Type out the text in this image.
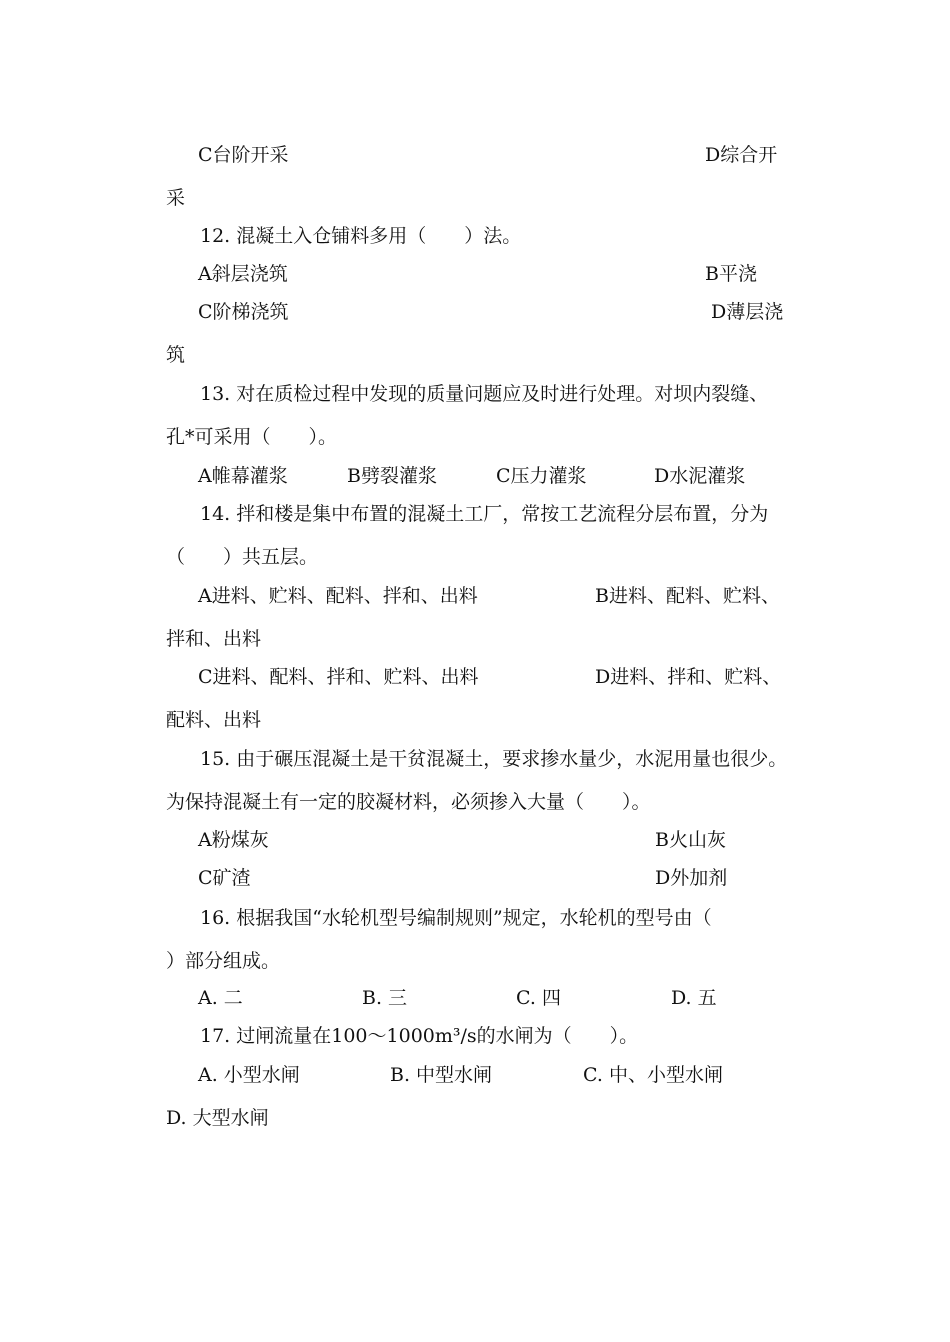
C台阶开采	D综合开
采
12. 混凝土入仓铺料多用（　　）法。
A斜层浇筑	B平浇
C阶梯浇筑	D薄层浇
筑
13. 对在质检过程中发现的质量问题应及时进行处理。对坝内裂缝、
孔*可采用（　　）。
A帷幕灌浆	B劈裂灌浆	C压力灌浆	D水泥灌浆
14. 拌和楼是集中布置的混凝土工厂，常按工艺流程分层布置，分为
（　　）共五层。
A进料、贮料、配料、拌和、出料	B进料、配料、贮料、
拌和、出料
C进料、配料、拌和、贮料、出料	D进料、拌和、贮料、
配料、出料
15. 由于碾压混凝土是干贫混凝土，要求掺水量少，水泥用量也很少。
为保持混凝土有一定的胶凝材料，必须掺入大量（　　）。
A粉煤灰	B火山灰
C矿渣	D外加剂
16. 根据我国“水轮机型号编制规则”规定，水轮机的型号由（
）部分组成。
A. 二	B. 三	C. 四	D. 五
17. 过闸流量在100～1000m³/s的水闸为（　　）。
A. 小型水闸	B. 中型水闸	C. 中、小型水闸
D. 大型水闸
